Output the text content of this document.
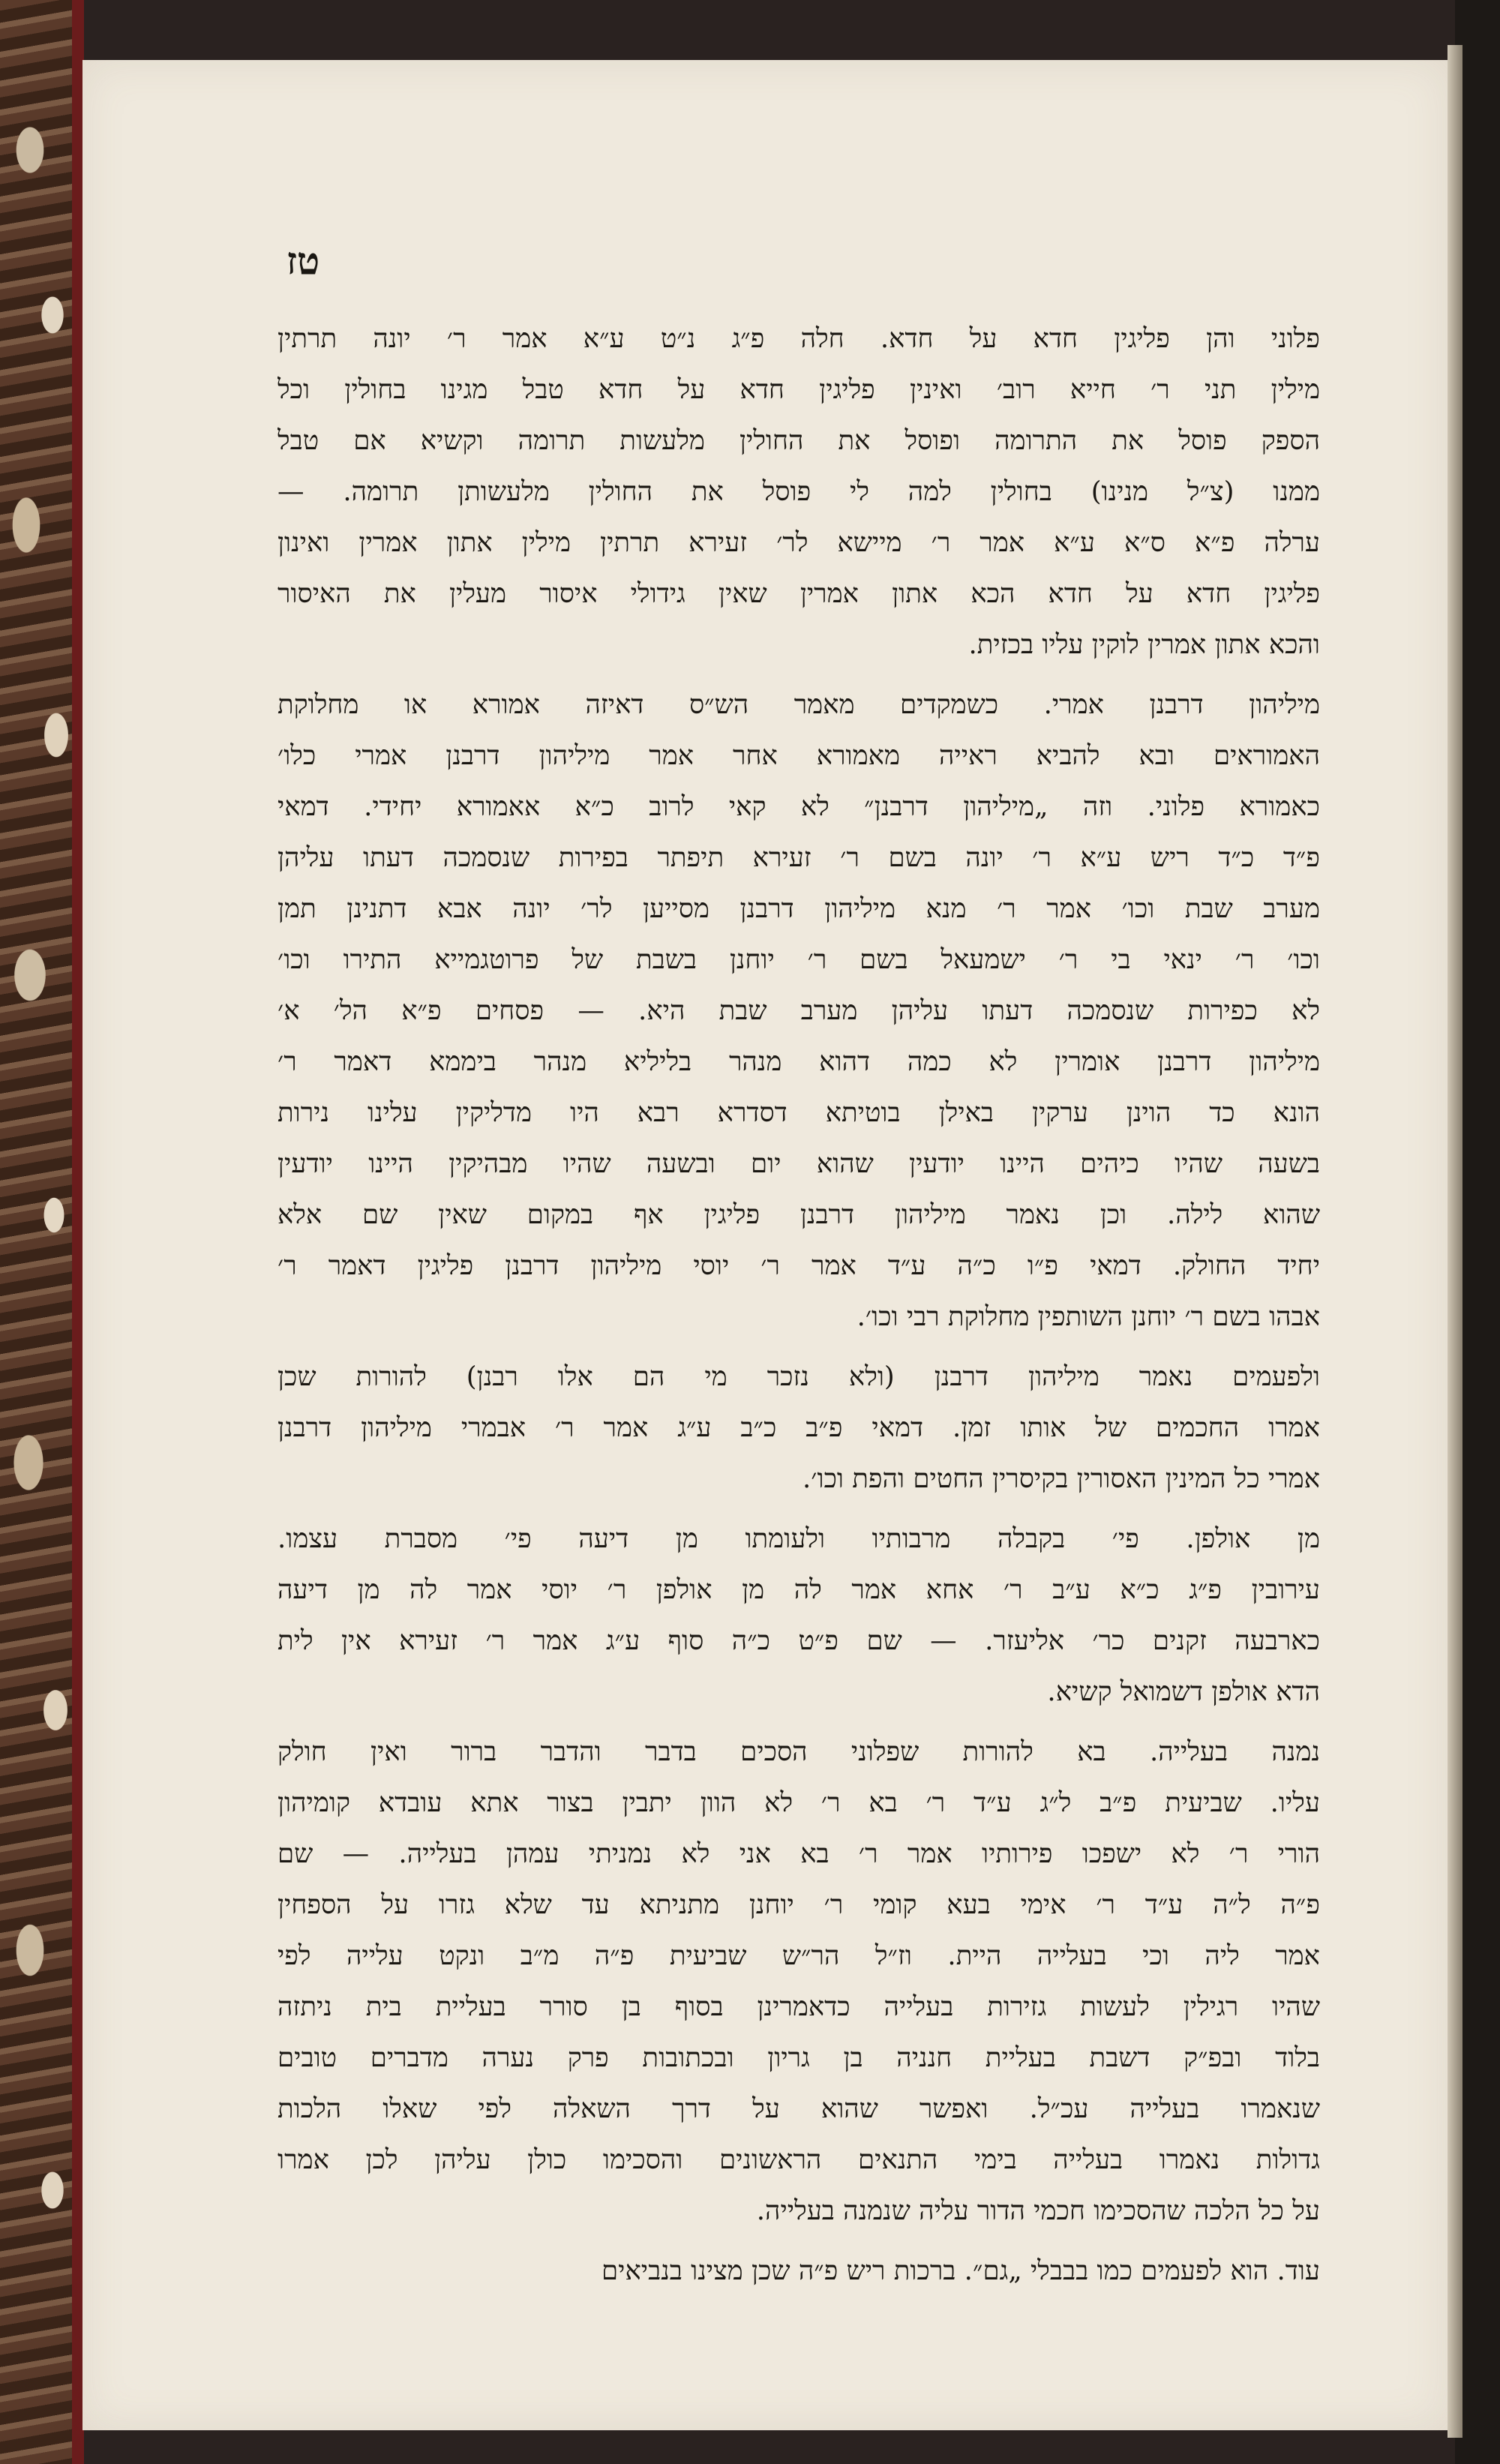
טז
פלוני והן פליגין חדא על חדא. חלה פ״ג נ״ט ע״א אמר ר׳ יונה תרתין
מילין תני ר׳ חייא רוב׳ ואינין פליגין חדא על חדא טבל מגינו בחולין וכל
הספק פוסל את התרומה ופוסל את החולין מלעשות תרומה וקשיא אם טבל
ממנו (צ״ל מנינו) בחולין למה לי פוסל את החולין מלעשותן תרומה. —
ערלה פ״א ס״א ע״א אמר ר׳ מיישא לר׳ זעירא תרתין מילין אתון אמרין ואינון
פליגין חדא על חדא הכא אתון אמרין שאין גידולי איסור מעלין את האיסור
והכא אתון אמרין לוקין עליו בכזית.
מיליהון דרבנן אמרי. כשמקדים מאמר הש״ס דאיזה אמורא או מחלוקת
האמוראים ובא להביא ראייה מאמורא אחר אמר מיליהון דרבנן אמרי כלו׳
כאמורא פלוני. וזה „מיליהון דרבנן״ לא קאי לרוב כ״א אאמורא יחידי. דמאי
פ״ד כ״ד ריש ע״א ר׳ יונה בשם ר׳ זעירא תיפתר בפירות שנסמכה דעתו עליהן
מערב שבת וכו׳ אמר ר׳ מנא מיליהון דרבנן מסייען לר׳ יונה אבא דתנינן תמן
וכו׳ ר׳ ינאי בי ר׳ ישמעאל בשם ר׳ יוחנן בשבת של פרוטגמייא התירו וכו׳
לא כפירות שנסמכה דעתו עליהן מערב שבת היא. — פסחים פ״א הל׳ א׳
מיליהון דרבנן אומרין לא כמה דהוא מנהר בליליא מנהר ביממא דאמר ר׳
הונא כד הוינן ערקין באילן בוטיתא דסדרא רבא היו מדליקין עלינו נירות
בשעה שהיו כיהים היינו יודעין שהוא יום ובשעה שהיו מבהיקין היינו יודעין
שהוא לילה. וכן נאמר מיליהון דרבנן פליגין אף במקום שאין שם אלא
יחיד החולק. דמאי פ״ו כ״ה ע״ד אמר ר׳ יוסי מיליהון דרבנן פליגין דאמר ר׳
אבהו בשם ר׳ יוחנן השותפין מחלוקת רבי וכו׳.
ולפעמים נאמר מיליהון דרבנן (ולא נזכר מי הם אלו רבנן) להורות שכן
אמרו החכמים של אותו זמן. דמאי פ״ב כ״ב ע״ג אמר ר׳ אבמרי מיליהון דרבנן
אמרי כל המינין האסורין בקיסרין החטים והפת וכו׳.
מן אולפן. פי׳ בקבלה מרבותיו ולעומתו מן דיעה פי׳ מסברת עצמו.
עירובין פ״ג כ״א ע״ב ר׳ אחא אמר לה מן אולפן ר׳ יוסי אמר לה מן דיעה
כארבעה זקנים כר׳ אליעזר. — שם פ״ט כ״ה סוף ע״ג אמר ר׳ זעירא אין לית
הדא אולפן דשמואל קשיא.
נמנה בעלייה. בא להורות שפלוני הסכים בדבר והדבר ברור ואין חולק
עליו. שביעית פ״ב ל״ג ע״ד ר׳ בא ר׳ לא הוון יתבין בצור אתא עובדא קומיהון
הורי ר׳ לא ישפכו פירותיו אמר ר׳ בא אני לא נמניתי עמהן בעלייה. — שם
פ״ה ל״ה ע״ד ר׳ אימי בעא קומי ר׳ יוחנן מתניתא עד שלא גזרו על הספחין
אמר ליה וכי בעלייה היית. וז״ל הר״ש שביעית פ״ה מ״ב ונקט עלייה לפי
שהיו רגילין לעשות גזירות בעלייה כדאמרינן בסוף בן סורר בעליית בית ניתזה
בלוד ובפ״ק דשבת בעליית חנניה בן גריון ובכתובות פרק נערה מדברים טובים
שנאמרו בעלייה עכ״ל. ואפשר שהוא על דרך השאלה לפי שאלו הלכות
גדולות נאמרו בעלייה בימי התנאים הראשונים והסכימו כולן עליהן לכן אמרו
על כל הלכה שהסכימו חכמי הדור עליה שנמנה בעלייה.
עוד. הוא לפעמים כמו בבבלי „גם״. ברכות ריש פ״ה שכן מצינו בנביאים
